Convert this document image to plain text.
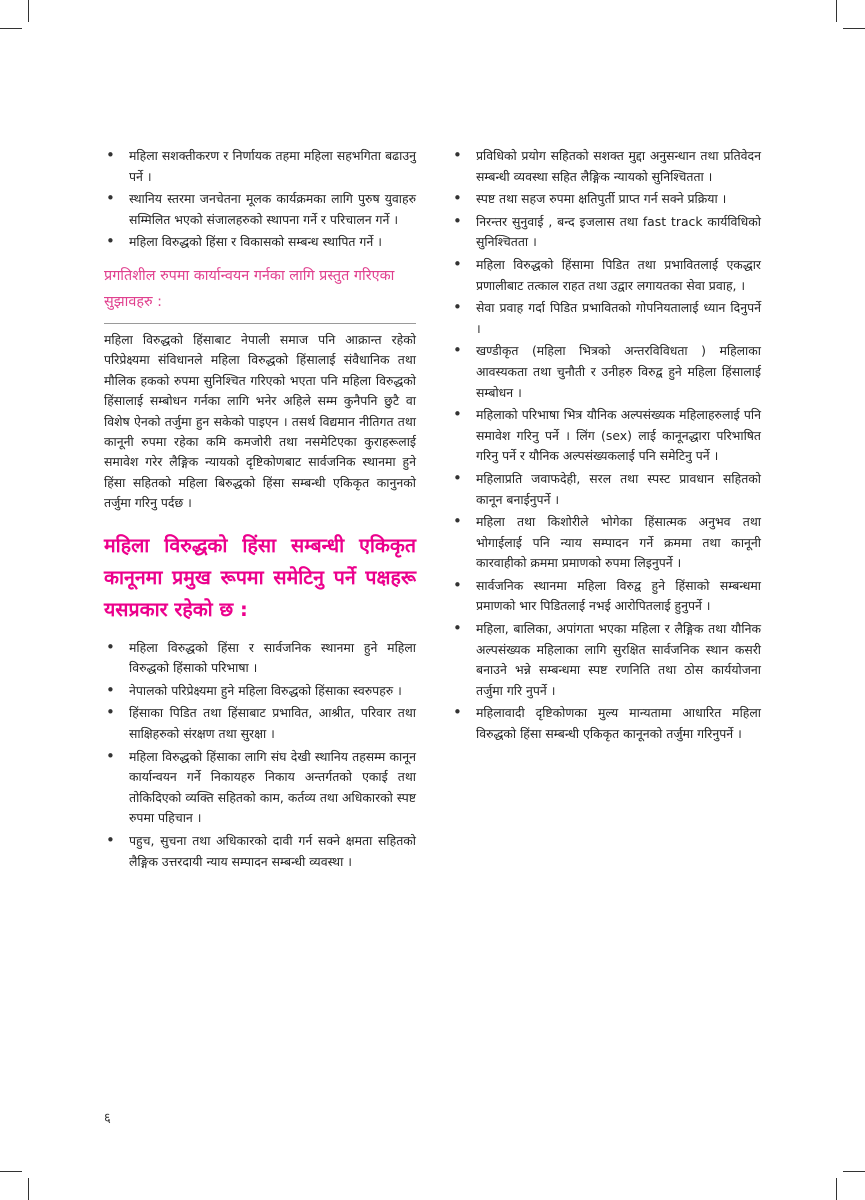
• महिला सशक्तीकरण र निर्णायक तहमा महिला सहभगिता बढाउनु पर्ने ।
• स्थानिय स्तरमा जनचेतना मूलक कार्यक्रमका लागि पुरुष युवाहरु सम्मिलित भएको संजालहरुको स्थापना गर्ने र परिचालन गर्ने ।
• महिला विरुद्धको हिंसा र विकासको सम्बन्ध स्थापित गर्ने ।
प्रगतिशील रुपमा कार्यान्वयन गर्नका लागि प्रस्तुत गरिएका सुझावहरु :

महिला विरुद्धको हिंसाबाट नेपाली समाज पनि आक्रान्त रहेको परिप्रेक्ष्यमा संविधानले महिला विरुद्धको हिंसालाई संवैधानिक तथा मौलिक हकको रुपमा सुनिश्चित गरिएको भएता पनि महिला विरुद्धको हिंसालाई सम्बोधन गर्नका लागि भनेर अहिले सम्म कुनैपनि छुटै वा विशेष ऐनको तर्जुमा हुन सकेको पाइएन । तसर्थ विद्यमान नीतिगत तथा कानूनी रुपमा रहेका कमि कमजोरी तथा नसमेटिएका कुराहरूलाई समावेश गरेर लैङ्गिक न्यायको दृष्टिकोणबाट सार्वजनिक स्थानमा हुने हिंसा सहितको महिला बिरुद्धको हिंसा सम्बन्धी एकिकृत कानुनको तर्जुमा गरिनु पर्दछ ।

महिला विरुद्धको हिंसा सम्बन्धी एकिकृत कानूनमा प्रमुख रूपमा समेटिनु पर्ने पक्षहरू यसप्रकार रहेको छ :
• महिला विरुद्धको हिंसा र सार्वजनिक स्थानमा हुने महिला विरुद्धको हिंसाको परिभाषा ।
• नेपालको परिप्रेक्ष्यमा हुने महिला विरुद्धको हिंसाका स्वरुपहरु ।
• हिंसाका पिडित तथा हिंसाबाट प्रभावित, आश्रीत, परिवार तथा साक्षिहरुको संरक्षण तथा सुरक्षा ।
• महिला विरुद्धको हिंसाका लागि संघ देखी स्थानिय तहसम्म कानून कार्यान्वयन गर्ने निकायहरु निकाय अन्तर्गतको एकाई तथा तोकिदिएको व्यक्ति सहितको काम, कर्तव्य तथा अधिकारको स्पष्ट रुपमा पहिचान ।
• पहुच, सुचना तथा अधिकारको दावी गर्न सक्ने क्षमता सहितको लैङ्गिक उत्तरदायी न्याय सम्पादन सम्बन्धी व्यवस्था ।
• प्रविधिको प्रयोग सहितको सशक्त मुद्दा अनुसन्धान तथा प्रतिवेदन सम्बन्धी व्यवस्था सहित लैङ्गिक न्यायको सुनिश्चितता ।
• स्पष्ट तथा सहज रुपमा क्षतिपुर्ती प्राप्त गर्न सक्ने प्रक्रिया ।
• निरन्तर सुनुवाई , बन्द इजलास तथा fast track कार्यविधिको सुनिश्चितता ।
• महिला विरुद्धको हिंसामा पिडित तथा प्रभावितलाई एकद्धार प्रणालीबाट तत्काल राहत तथा उद्वार लगायतका सेवा प्रवाह, ।
• सेवा प्रवाह गर्दा पिडित प्रभावितको गोपनियतालाई ध्यान दिनुपर्ने ।
• खण्डीकृत (महिला भित्रको अन्तरविविधता ) महिलाका आवस्यकता तथा चुनौती र उनीहरु विरुद्व हुने महिला हिंसालाई सम्बोधन ।
• महिलाको परिभाषा भित्र यौनिक अल्पसंख्यक महिलाहरुलाई पनि समावेश गरिनु पर्ने । लिंग (sex) लाई कानूनद्धारा परिभाषित गरिनु पर्ने र यौनिक अल्पसंख्यकलाई पनि समेटिनु पर्ने ।
• महिलाप्रति जवाफदेही, सरल तथा स्पस्ट प्रावधान सहितको कानून बनाईनुपर्ने ।
• महिला तथा किशोरीले भोगेका हिंसात्मक अनुभव तथा भोगाईलाई पनि न्याय सम्पादन गर्ने क्रममा तथा कानूनी कारवाहीको क्रममा प्रमाणको रुपमा लिइनुपर्ने ।
• सार्वजनिक स्थानमा महिला विरुद्व हुने हिंसाको सम्बन्धमा प्रमाणको भार पिडितलाई नभई आरोपितलाई हुनुपर्ने ।
• महिला, बालिका, अपांगता भएका महिला र लैङ्गिक तथा यौनिक अल्पसंख्यक महिलाका लागि सुरक्षित सार्वजनिक स्थान कसरी बनाउने भन्ने सम्बन्धमा स्पष्ट रणनिति तथा ठोस कार्ययोजना तर्जुमा गरि नुपर्ने ।
• महिलावादी दृष्टिकोणका मुल्य मान्यतामा आधारित महिला विरुद्धको हिंसा सम्बन्धी एकिकृत कानूनको तर्जुमा गरिनुपर्ने ।
६
